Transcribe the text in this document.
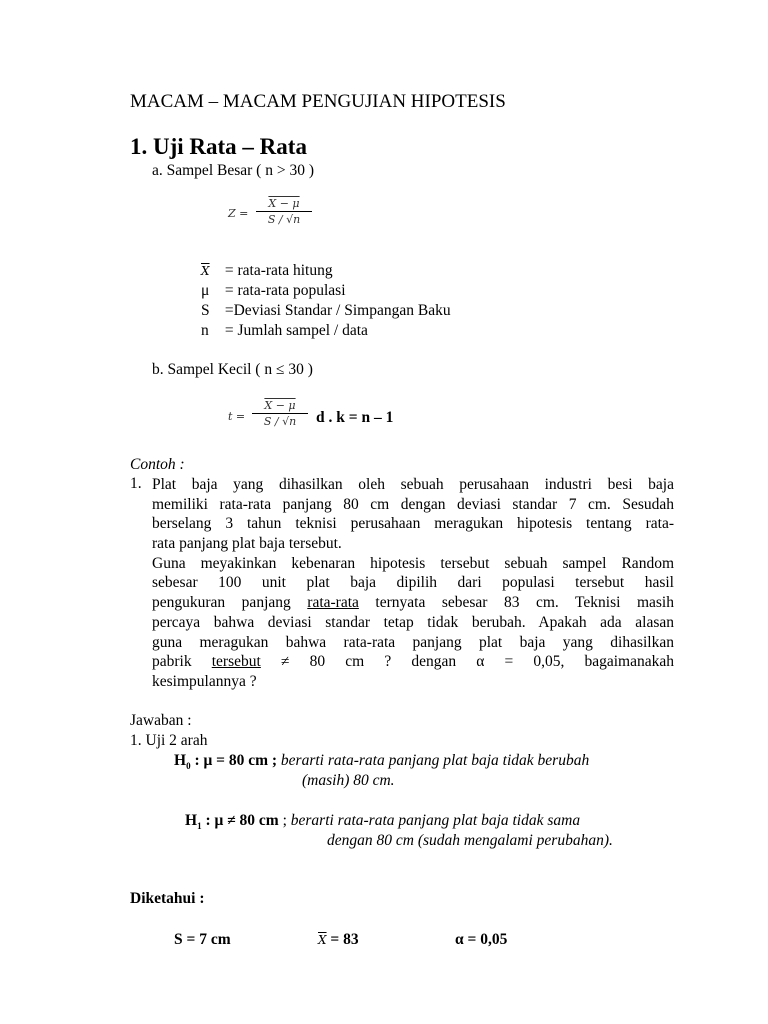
MACAM – MACAM PENGUJIAN HIPOTESIS
1. Uji Rata – Rata
a. Sampel Besar ( n > 30 )
Z =
X − μ
S / √n
$\overline{X}$ = rata-rata hitung
μ = rata-rata populasi
S =Deviasi Standar / Simpangan Baku
n = Jumlah sampel / data
b. Sampel Kecil ( n ≤ 30 )
t =
X − μ
S / √n	d . k = n – 1
Contoh :
1. Plat baja yang dihasilkan oleh sebuah perusahaan industri besi baja
memiliki rata-rata panjang 80 cm dengan deviasi standar 7 cm. Sesudah
berselang 3 tahun teknisi perusahaan meragukan hipotesis tentang rata-
rata panjang plat baja tersebut.
Guna meyakinkan kebenaran hipotesis tersebut sebuah sampel Random
sebesar 100 unit plat baja dipilih dari populasi tersebut hasil
pengukuran panjang rata-rata ternyata sebesar 83 cm. Teknisi masih
percaya bahwa deviasi standar tetap tidak berubah. Apakah ada alasan
guna meragukan bahwa rata-rata panjang plat baja yang dihasilkan
pabrik tersebut ≠ 80 cm ? dengan α = 0,05, bagaimanakah
kesimpulannya ?
Jawaban :
1. Uji 2 arah
$H_0$ : μ = 80 cm ; berarti rata-rata panjang plat baja tidak berubah
(masih) 80 cm.
$H_1$ : μ ≠ 80 cm ; berarti rata-rata panjang plat baja tidak sama
dengan 80 cm (sudah mengalami perubahan).
Diketahui :
S = 7 cm	$\overline{X} = 83$	α = 0,05
